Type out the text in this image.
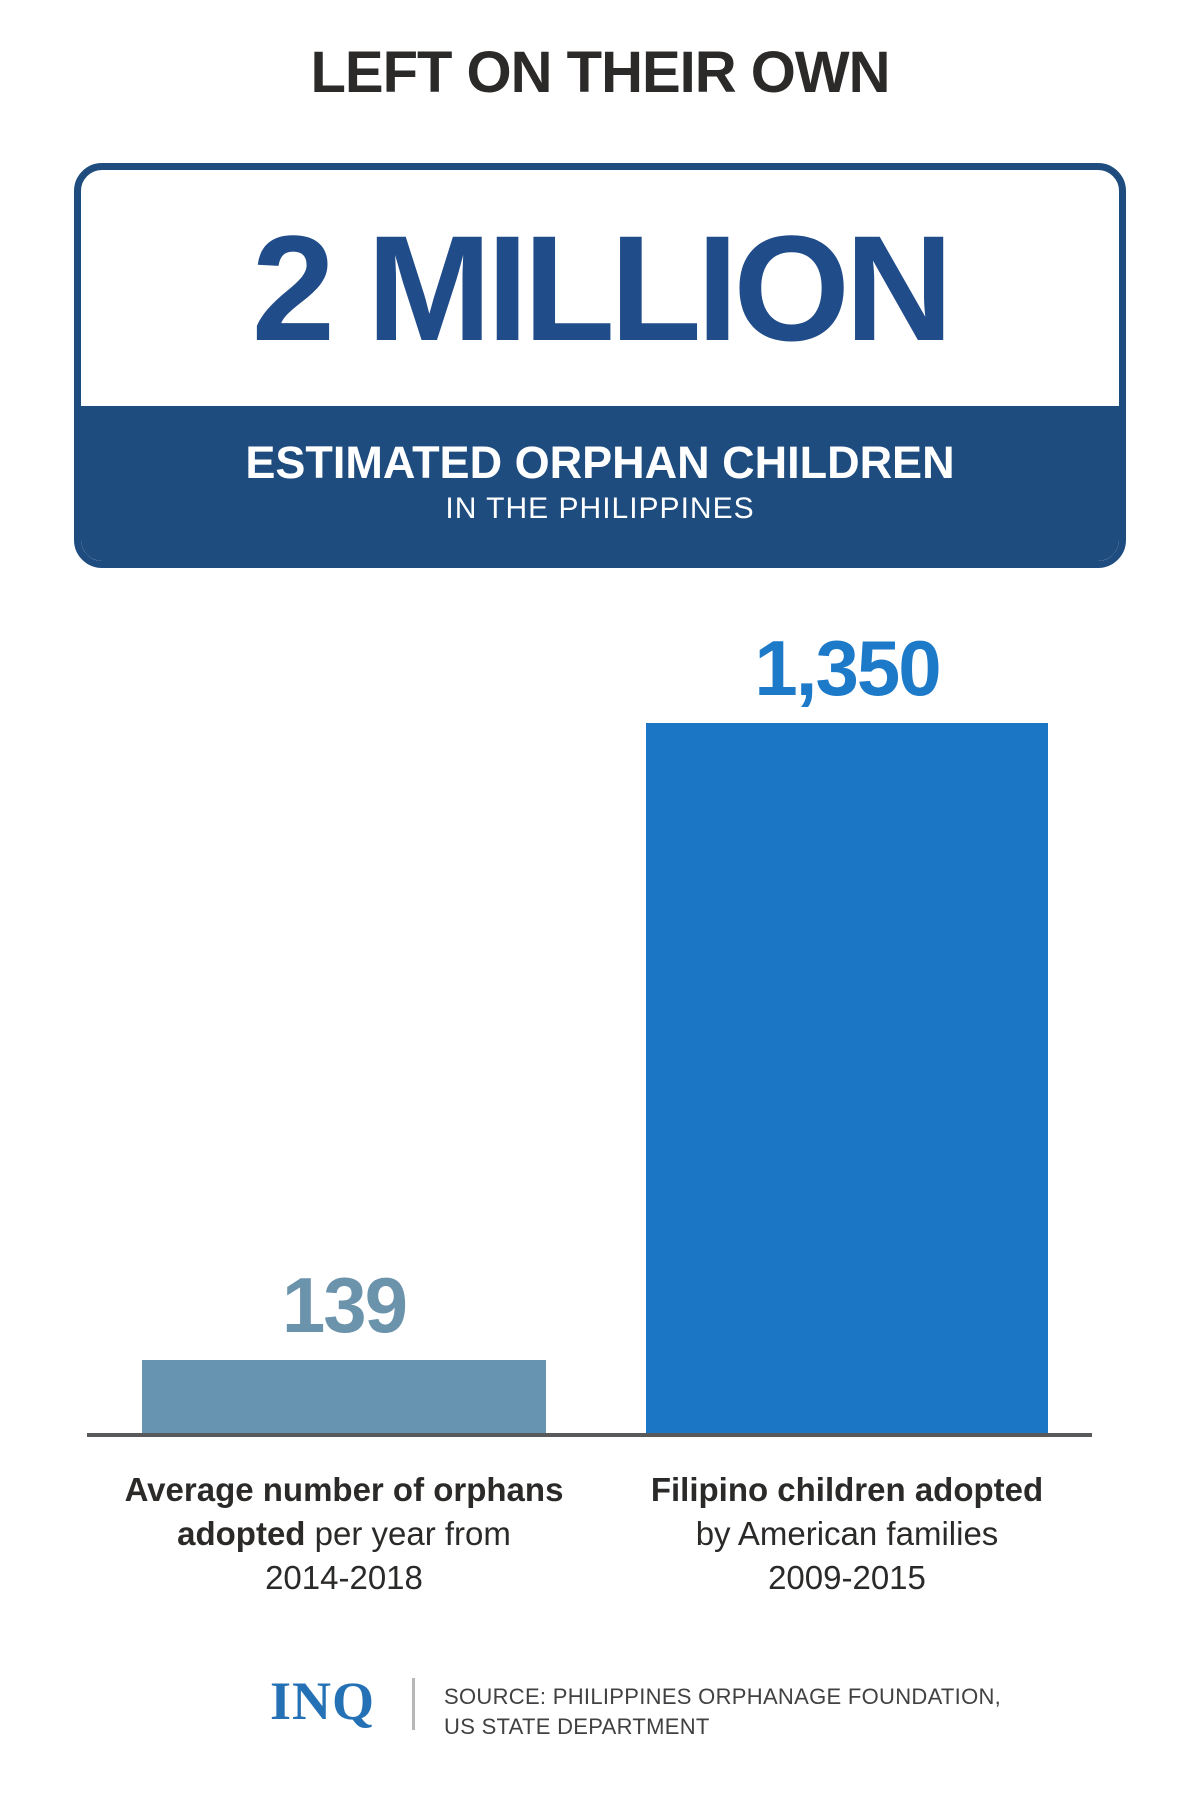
LEFT ON THEIR OWN
2 MILLION
ESTIMATED ORPHAN CHILDREN
IN THE PHILIPPINES
139
1,350
Average number of orphans
adopted per year from
2014-2018
Filipino children adopted
by American families
2009-2015
INQ	SOURCE: PHILIPPINES ORPHANAGE FOUNDATION,
US STATE DEPARTMENT
